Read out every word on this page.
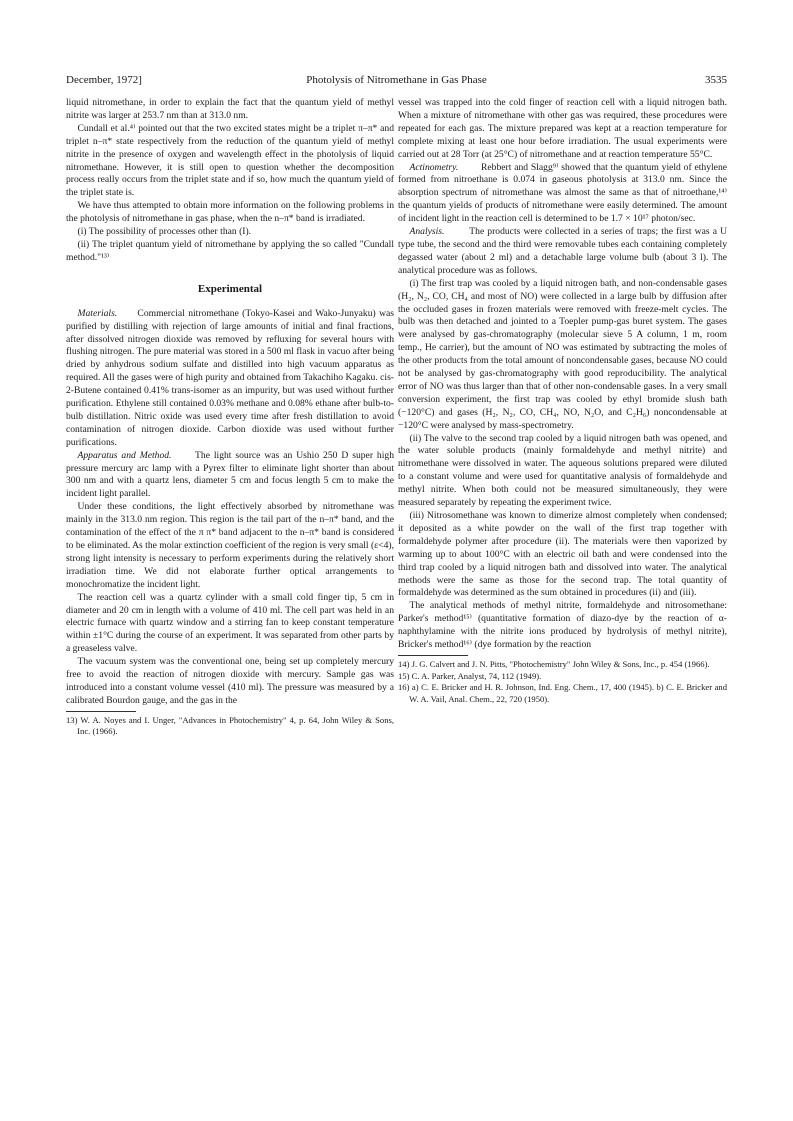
December, 1972]	Photolysis of Nitromethane in Gas Phase	3535

liquid nitromethane, in order to explain the fact that the quantum yield of methyl nitrite was larger at 253.7 nm than at 313.0 nm.

Cundall et al.⁴⁾ pointed out that the two excited states might be a triplet π–π* and triplet n–π* state respectively from the reduction of the quantum yield of methyl nitrite in the presence of oxygen and wavelength effect in the photolysis of liquid nitromethane. However, it is still open to question whether the decomposition process really occurs from the triplet state and if so, how much the quantum yield of the triplet state is.

We have thus attempted to obtain more information on the following problems in the photolysis of nitromethane in gas phase, when the n–π* band is irradiated.

(i) The possibility of processes other than (I).

(ii) The triplet quantum yield of nitromethane by applying the so called "Cundall method."¹³⁾

Experimental

Materials. Commercial nitromethane (Tokyo-Kasei and Wako-Junyaku) was purified by distilling with rejection of large amounts of initial and final fractions, after dissolved nitrogen dioxide was removed by refluxing for several hours with flushing nitrogen. The pure material was stored in a 500 ml flask in vacuo after being dried by anhydrous sodium sulfate and distilled into high vacuum apparatus as required. All the gases were of high purity and obtained from Takachiho Kagaku. cis-2-Butene contained 0.41% trans-isomer as an impurity, but was used without further purification. Ethylene still contained 0.03% methane and 0.08% ethane after bulb-to-bulb distillation. Nitric oxide was used every time after fresh distillation to avoid contamination of nitrogen dioxide. Carbon dioxide was used without further purifications.

Apparatus and Method. The light source was an Ushio 250 D super high pressure mercury arc lamp with a Pyrex filter to eliminate light shorter than about 300 nm and with a quartz lens, diameter 5 cm and focus length 5 cm to make the incident light parallel.

Under these conditions, the light effectively absorbed by nitromethane was mainly in the 313.0 nm region. This region is the tail part of the n–π* band, and the contamination of the effect of the π π* band adjacent to the n–π* band is considered to be eliminated. As the molar extinction coefficient of the region is very small (ε<4), strong light intensity is necessary to perform experiments during the relatively short irradiation time. We did not elaborate further optical arrangements to monochromatize the incident light.

The reaction cell was a quartz cylinder with a small cold finger tip, 5 cm in diameter and 20 cm in length with a volume of 410 ml. The cell part was held in an electric furnace with quartz window and a stirring fan to keep constant temperature within ±1°C during the course of an experiment. It was separated from other parts by a greaseless valve.

The vacuum system was the conventional one, being set up completely mercury free to avoid the reaction of nitrogen dioxide with mercury. Sample gas was introduced into a constant volume vessel (410 ml). The pressure was measured by a calibrated Bourdon gauge, and the gas in the

13) W. A. Noyes and I. Unger, "Advances in Photochemistry" 4, p. 64, John Wiley & Sons, Inc. (1966).

vessel was trapped into the cold finger of reaction cell with a liquid nitrogen bath. When a mixture of nitromethane with other gas was required, these procedures were repeated for each gas. The mixture prepared was kept at a reaction temperature for complete mixing at least one hour before irradiation. The usual experiments were carried out at 28 Torr (at 25°C) of nitromethane and at reaction temperature 55°C.

Actinometry. Rebbert and Slagg⁹⁾ showed that the quantum yield of ethylene formed from nitroethane is 0.074 in gaseous photolysis at 313.0 nm. Since the absorption spectrum of nitromethane was almost the same as that of nitroethane,¹⁴⁾ the quantum yields of products of nitromethane were easily determined. The amount of incident light in the reaction cell is determined to be 1.7 × 10¹⁷ photon/sec.

Analysis.	The products were collected in a series of traps; the first was a U type tube, the second and the third were removable tubes each containing completely degassed water (about 2 ml) and a detachable large volume bulb (about 3 l). The analytical procedure was as follows.

(i) The first trap was cooled by a liquid nitrogen bath, and non-condensable gases (H₂, N₂, CO, CH₄ and most of NO) were collected in a large bulb by diffusion after the occluded gases in frozen materials were removed with freeze-melt cycles. The bulb was then detached and jointed to a Toepler pump-gas buret system. The gases were analysed by gas-chromatography (molecular sieve 5 A column, 1 m, room temp., He carrier), but the amount of NO was estimated by subtracting the moles of the other products from the total amount of noncondensable gases, because NO could not be analysed by gas-chromatography with good reproducibility. The analytical error of NO was thus larger than that of other non-condensable gases. In a very small conversion experiment, the first trap was cooled by ethyl bromide slush bath (−120°C) and gases (H₂, N₂, CO, CH₄, NO, N₂O, and C₂H₆) noncondensable at −120°C were analysed by mass-spectrometry.

(ii) The valve to the second trap cooled by a liquid nitrogen bath was opened, and the water soluble products (mainly formaldehyde and methyl nitrite) and nitromethane were dissolved in water. The aqueous solutions prepared were diluted to a constant volume and were used for quantitative analysis of formaldehyde and methyl nitrite. When both could not be measured simultaneously, they were measured separately by repeating the experiment twice.

(iii) Nitrosomethane was known to dimerize almost completely when condensed; it deposited as a white powder on the wall of the first trap together with formaldehyde polymer after procedure (ii). The materials were then vaporized by warming up to about 100°C with an electric oil bath and were condensed into the third trap cooled by a liquid nitrogen bath and dissolved into water. The analytical methods were the same as those for the second trap. The total quantity of formaldehyde was determined as the sum obtained in procedures (ii) and (iii).

The analytical methods of methyl nitrite, formaldehyde and nitrosomethane: Parker's method¹⁵⁾ (quantitative formation of diazo-dye by the reaction of α-naphthylamine with the nitrite ions produced by hydrolysis of methyl nitrite), Bricker's method¹⁶⁾ (dye formation by the reaction

14) J. G. Calvert and J. N. Pitts, "Photochemistry" John Wiley & Sons, Inc., p. 454 (1966).

15) C. A. Parker, Analyst, 74, 112 (1949).

16) a) C. E. Bricker and H. R. Johnson, Ind. Eng. Chem., 17, 400 (1945). b) C. E. Bricker and W. A. Vail, Anal. Chem., 22, 720 (1950).
